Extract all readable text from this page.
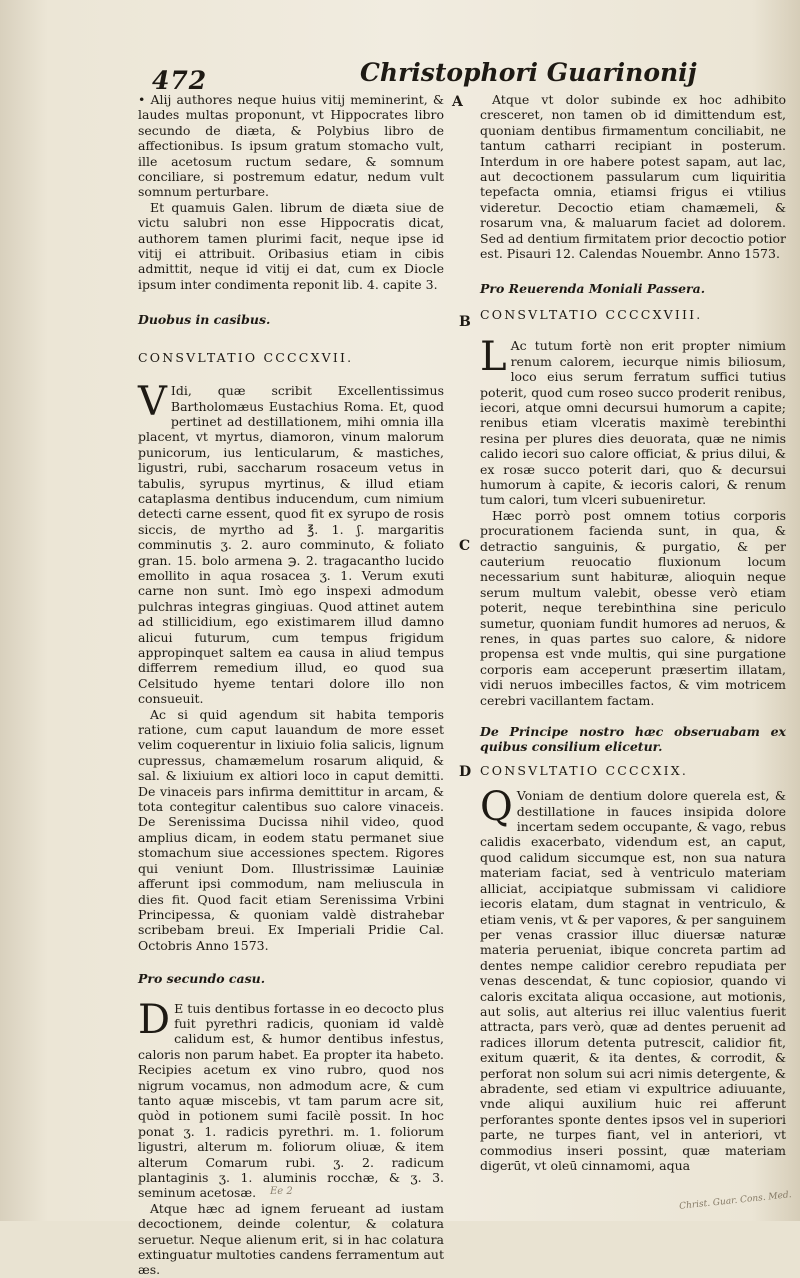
472	Christophori Guarinonij
A
B
C
D

• Alij authores neque huius vitij meminerint, & laudes multas proponunt, vt Hippocrates libro secundo de diæta, & Polybius libro de affectionibus. Is ipsum gratum stomacho vult, ille acetosum ructum sedare, & somnum conciliare, si postremum edatur, nedum vult somnum perturbare.

Et quamuis Galen. librum de diæta siue de victu salubri non esse Hippocratis dicat, authorem tamen plurimi facit, neque ipse id vitij ei attribuit. Oribasius etiam in cibis admittit, neque id vitij ei dat, cum ex Diocle ipsum inter condimenta reponit lib. 4. capite 3.

Duobus in casibus.

CONSVLTATIO CCCCXVII.

V Idi, quæ scribit Excellentissimus Bartholomæus Eustachius Roma. Et, quod pertinet ad destillationem, mihi omnia illa placent, vt myrtus, diamoron, vinum malorum punicorum, ius lenticularum, & mastiches, ligustri, rubi, saccharum rosaceum vetus in tabulis, syrupus myrtinus, & illud etiam cataplasma dentibus inducendum, cum nimium detecti carne essent, quod fit ex syrupo de rosis siccis, de myrtho ad ℥. 1. ʃ. margaritis comminutis ʒ. 2. auro comminuto, & foliato gran. 15. bolo armena ℈. 2. tragacantho lucido emollito in aqua rosacea ʒ. 1. Verum exuti carne non sunt. Imò ego inspexi admodum pulchras integras gingiuas. Quod attinet autem ad stillicidium, ego existimarem illud damno alicui futurum, cum tempus frigidum appropinquet saltem ea causa in aliud tempus differrem remedium illud, eo quod sua Celsitudo hyeme tentari dolore illo non consueuit.

Ac si quid agendum sit habita temporis ratione, cum caput lauandum de more esset velim coquerentur in lixiuio folia salicis, lignum cupressus, chamæmelum rosarum aliquid, & sal. & lixiuium ex altiori loco in caput demitti. De vinaceis pars infirma demittitur in arcam, & tota contegitur calentibus suo calore vinaceis. De Serenissima Ducissa nihil video, quod amplius dicam, in eodem statu permanet siue stomachum siue accessiones spectem. Rigores qui veniunt Dom. Illustrissimæ Lauiniæ afferunt ipsi commodum, nam meliuscula in dies fit. Quod facit etiam Serenissima Vrbini Principessa, & quoniam valdè distrahebar scribebam breui. Ex Imperiali Pridie Cal. Octobris Anno 1573.

Pro secundo casu.

D E tuis dentibus fortasse in eo decocto plus fuit pyrethri radicis, quoniam id valdè calidum est, & humor dentibus infestus, caloris non parum habet. Ea propter ita habeto. Recipies acetum ex vino rubro, quod nos nigrum vocamus, non admodum acre, & cum tanto aquæ miscebis, vt tam parum acre sit, quòd in potionem sumi facilè possit. In hoc ponat ʒ. 1. radicis pyrethri. m. 1. foliorum ligustri, alterum m. foliorum oliuæ, & item alterum Comarum rubi. ʒ. 2. radicum plantaginis ʒ. 1. aluminis rocchæ, & ʒ. 3. seminum acetosæ.

Atque hæc ad ignem ferueant ad iustam decoctionem, deinde colentur, & colatura seruetur. Neque alienum erit, si in hac colatura extinguatur multoties candens ferramentum aut æs.

Ee 2

Atque vt dolor subinde ex hoc adhibito cresceret, non tamen ob id dimittendum est, quoniam dentibus firmamentum conciliabit, ne tantum catharri recipiant in posterum. Interdum in ore habere potest sapam, aut lac, aut decoctionem passularum cum liquiritia tepefacta omnia, etiamsi frigus ei vtilius videretur. Decoctio etiam chamæmeli, & rosarum vna, & maluarum faciet ad dolorem. Sed ad dentium firmitatem prior decoctio potior est. Pisauri 12. Calendas Nouembr. Anno 1573.

Pro Reuerenda Moniali Passera.

CONSVLTATIO CCCCXVIII.

L Ac tutum fortè non erit propter nimium renum calorem, iecurque nimis biliosum, loco eius serum ferratum suffici tutius poterit, quod cum roseo succo proderit renibus, iecori, atque omni decursui humorum a capite; renibus etiam vlceratis maximè terebinthi resina per plures dies deuorata, quæ ne nimis calido iecori suo calore officiat, & prius dilui, & ex rosæ succo poterit dari, quo & decursui humorum à capite, & iecoris calori, & renum tum calori, tum vlceri subueniretur.

Hæc porrò post omnem totius corporis procurationem facienda sunt, in qua, & detractio sanguinis, & purgatio, & per cauterium reuocatio fluxionum locum necessarium sunt habituræ, alioquin neque serum multum valebit, obesse verò etiam poterit, neque terebinthina sine periculo sumetur, quoniam fundit humores ad neruos, & renes, in quas partes suo calore, & nidore propensa est vnde multis, qui sine purgatione corporis eam acceperunt præsertim illatam, vidi neruos imbecilles factos, & vim motricem cerebri vacillantem factam.

De Principe nostro hæc obseruabam ex quibus consilium elicetur.

CONSVLTATIO CCCCXIX.

Q Voniam de dentium dolore querela est, & destillatione in fauces insipida dolore incertam sedem occupante, & vago, rebus calidis exacerbato, videndum est, an caput, quod calidum siccumque est, non sua natura materiam faciat, sed à ventriculo materiam alliciat, accipiatque submissam vi calidiore iecoris elatam, dum stagnat in ventriculo, & etiam venis, vt & per vapores, & per sanguinem per venas crassior illuc diuersæ naturæ materia perueniat, ibique concreta partim ad dentes nempe calidior cerebro repudiata per venas descendat, & tunc copiosior, quando vi caloris excitata aliqua occasione, aut motionis, aut solis, aut alterius rei illuc valentius fuerit attracta, pars verò, quæ ad dentes peruenit ad radices illorum detenta putrescit, calidior fit, exitum quærit, & ita dentes, & corrodit, & perforat non solum sui acri nimis detergente, & abradente, sed etiam vi expultrice adiuuante, vnde aliqui auxilium huic rei afferunt perforantes sponte dentes ipsos vel in superiori parte, ne turpes fiant, vel in anteriori, vt commodius inseri possint, quæ materiam digerūt, vt oleū cinnamomi, aqua

Christ. Guar. Cons. Med.
